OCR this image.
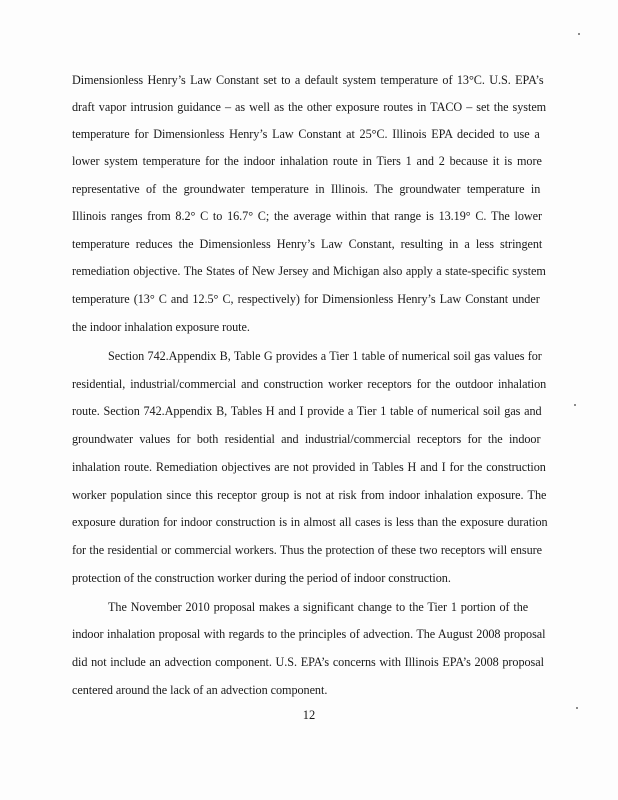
Dimensionless Henry’s Law Constant set to a default system temperature of 13°C. U.S. EPA’s
draft vapor intrusion guidance – as well as the other exposure routes in TACO – set the system
temperature for Dimensionless Henry’s Law Constant at 25°C. Illinois EPA decided to use a
lower system temperature for the indoor inhalation route in Tiers 1 and 2 because it is more
representative of the groundwater temperature in Illinois. The groundwater temperature in
Illinois ranges from 8.2° C to 16.7° C; the average within that range is 13.19° C. The lower
temperature reduces the Dimensionless Henry’s Law Constant, resulting in a less stringent
remediation objective. The States of New Jersey and Michigan also apply a state-specific system
temperature (13° C and 12.5° C, respectively) for Dimensionless Henry’s Law Constant under
the indoor inhalation exposure route.
Section 742.Appendix B, Table G provides a Tier 1 table of numerical soil gas values for
residential, industrial/commercial and construction worker receptors for the outdoor inhalation
route. Section 742.Appendix B, Tables H and I provide a Tier 1 table of numerical soil gas and
groundwater values for both residential and industrial/commercial receptors for the indoor
inhalation route. Remediation objectives are not provided in Tables H and I for the construction
worker population since this receptor group is not at risk from indoor inhalation exposure. The
exposure duration for indoor construction is in almost all cases is less than the exposure duration
for the residential or commercial workers. Thus the protection of these two receptors will ensure
protection of the construction worker during the period of indoor construction.
The November 2010 proposal makes a significant change to the Tier 1 portion of the
indoor inhalation proposal with regards to the principles of advection. The August 2008 proposal
did not include an advection component. U.S. EPA’s concerns with Illinois EPA’s 2008 proposal
centered around the lack of an advection component.
12
